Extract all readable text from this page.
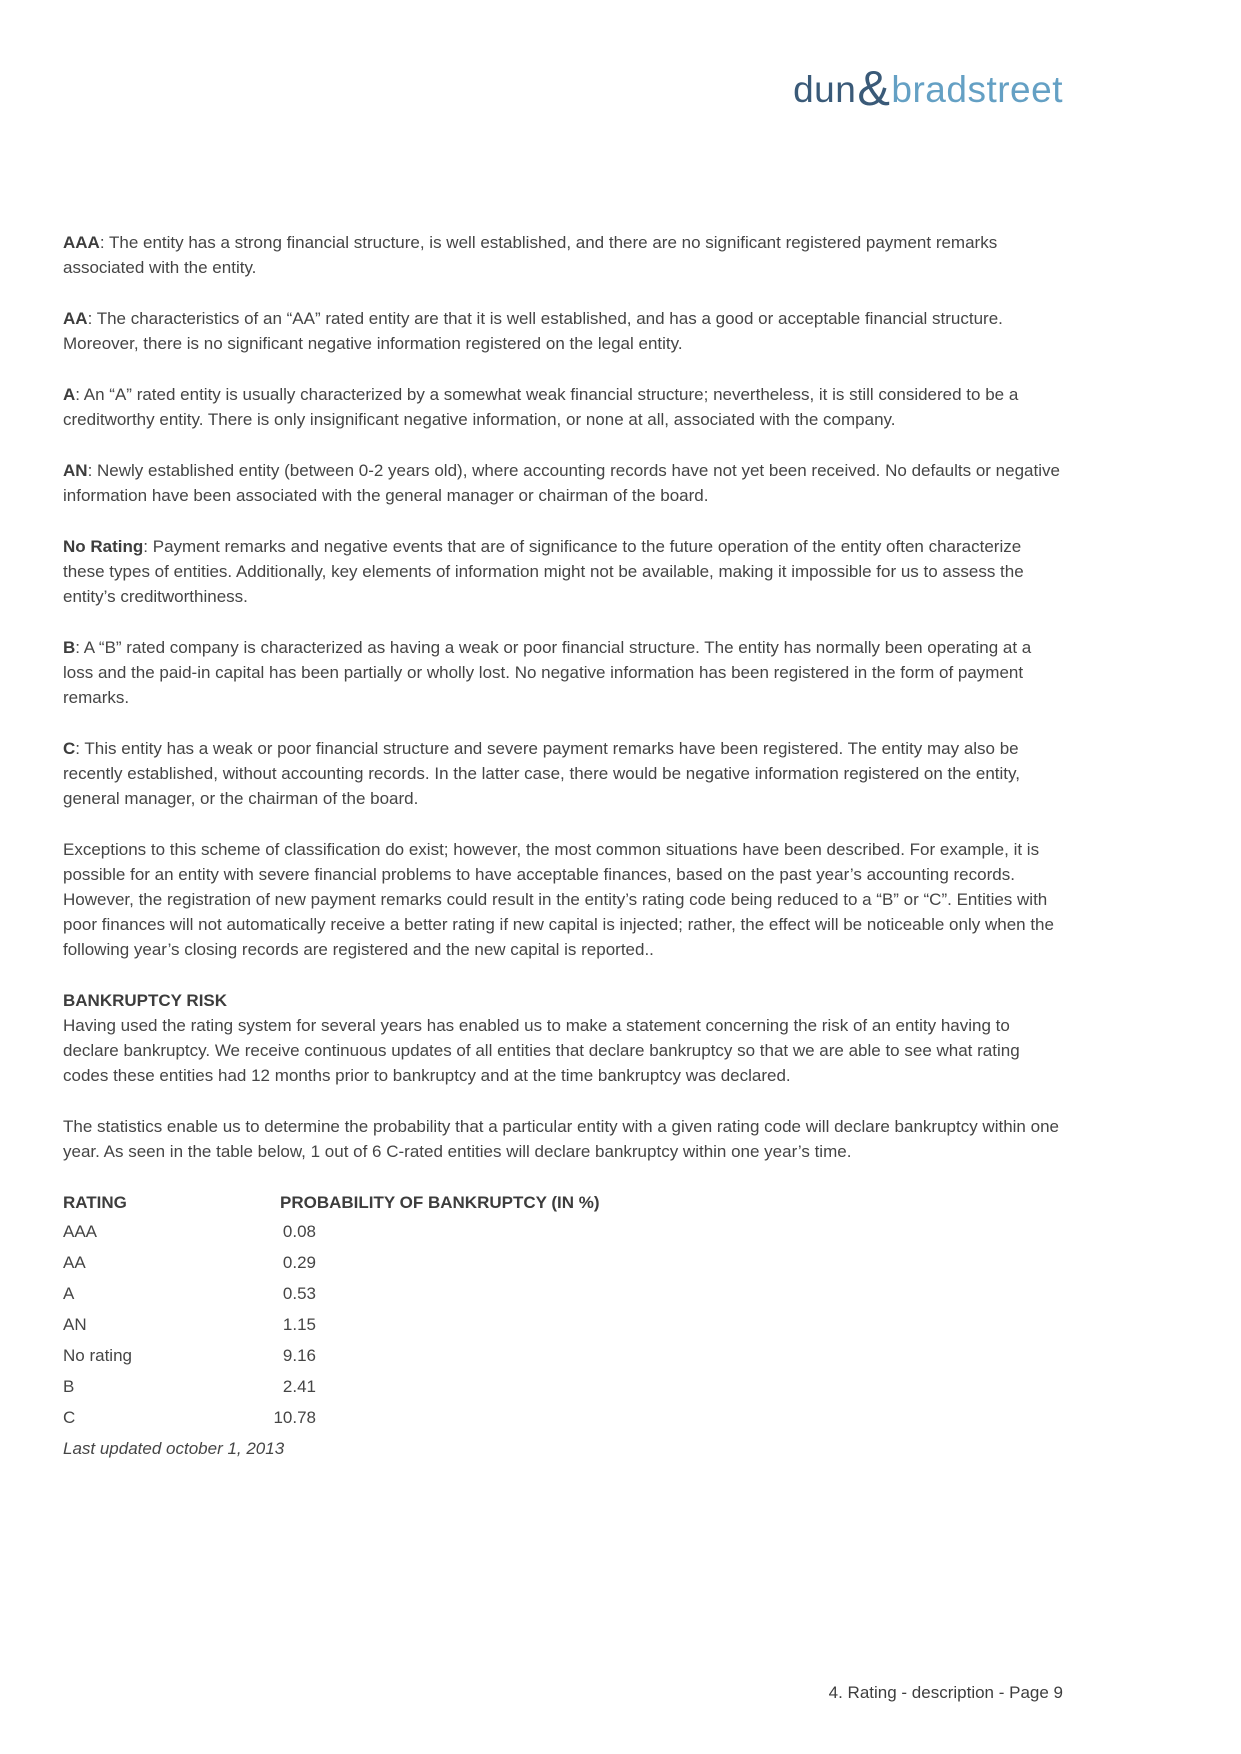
dun&bradstreet

AAA: The entity has a strong financial structure, is well established, and there are no significant registered payment remarks associated with the entity.

AA: The characteristics of an “AA” rated entity are that it is well established, and has a good or acceptable financial structure. Moreover, there is no significant negative information registered on the legal entity.

A: An “A” rated entity is usually characterized by a somewhat weak financial structure; nevertheless, it is still considered to be a creditworthy entity. There is only insignificant negative information, or none at all, associated with the company.

AN: Newly established entity (between 0-2 years old), where accounting records have not yet been received. No defaults or negative information have been associated with the general manager or chairman of the board.

No Rating: Payment remarks and negative events that are of significance to the future operation of the entity often characterize these types of entities. Additionally, key elements of information might not be available, making it impossible for us to assess the entity’s creditworthiness.

B: A “B” rated company is characterized as having a weak or poor financial structure. The entity has normally been operating at a loss and the paid-in capital has been partially or wholly lost. No negative information has been registered in the form of payment remarks.

C: This entity has a weak or poor financial structure and severe payment remarks have been registered. The entity may also be recently established, without accounting records. In the latter case, there would be negative information registered on the entity, general manager, or the chairman of the board.

Exceptions to this scheme of classification do exist; however, the most common situations have been described. For example, it is possible for an entity with severe financial problems to have acceptable finances, based on the past year’s accounting records. However, the registration of new payment remarks could result in the entity’s rating code being reduced to a “B” or “C”. Entities with poor finances will not automatically receive a better rating if new capital is injected; rather, the effect will be noticeable only when the following year’s closing records are registered and the new capital is reported..

BANKRUPTCY RISK

Having used the rating system for several years has enabled us to make a statement concerning the risk of an entity having to declare bankruptcy. We receive continuous updates of all entities that declare bankruptcy so that we are able to see what rating codes these entities had 12 months prior to bankruptcy and at the time bankruptcy was declared.

The statistics enable us to determine the probability that a particular entity with a given rating code will declare bankruptcy within one year. As seen in the table below, 1 out of 6 C-rated entities will declare bankruptcy within one year’s time.

RATING	PROBABILITY OF BANKRUPTCY (IN %)
AAA	0.08
AA	0.29
A	0.53
AN	1.15
No rating	9.16
B	2.41
C	10.78

Last updated october 1, 2013

4. Rating - description - Page 9
